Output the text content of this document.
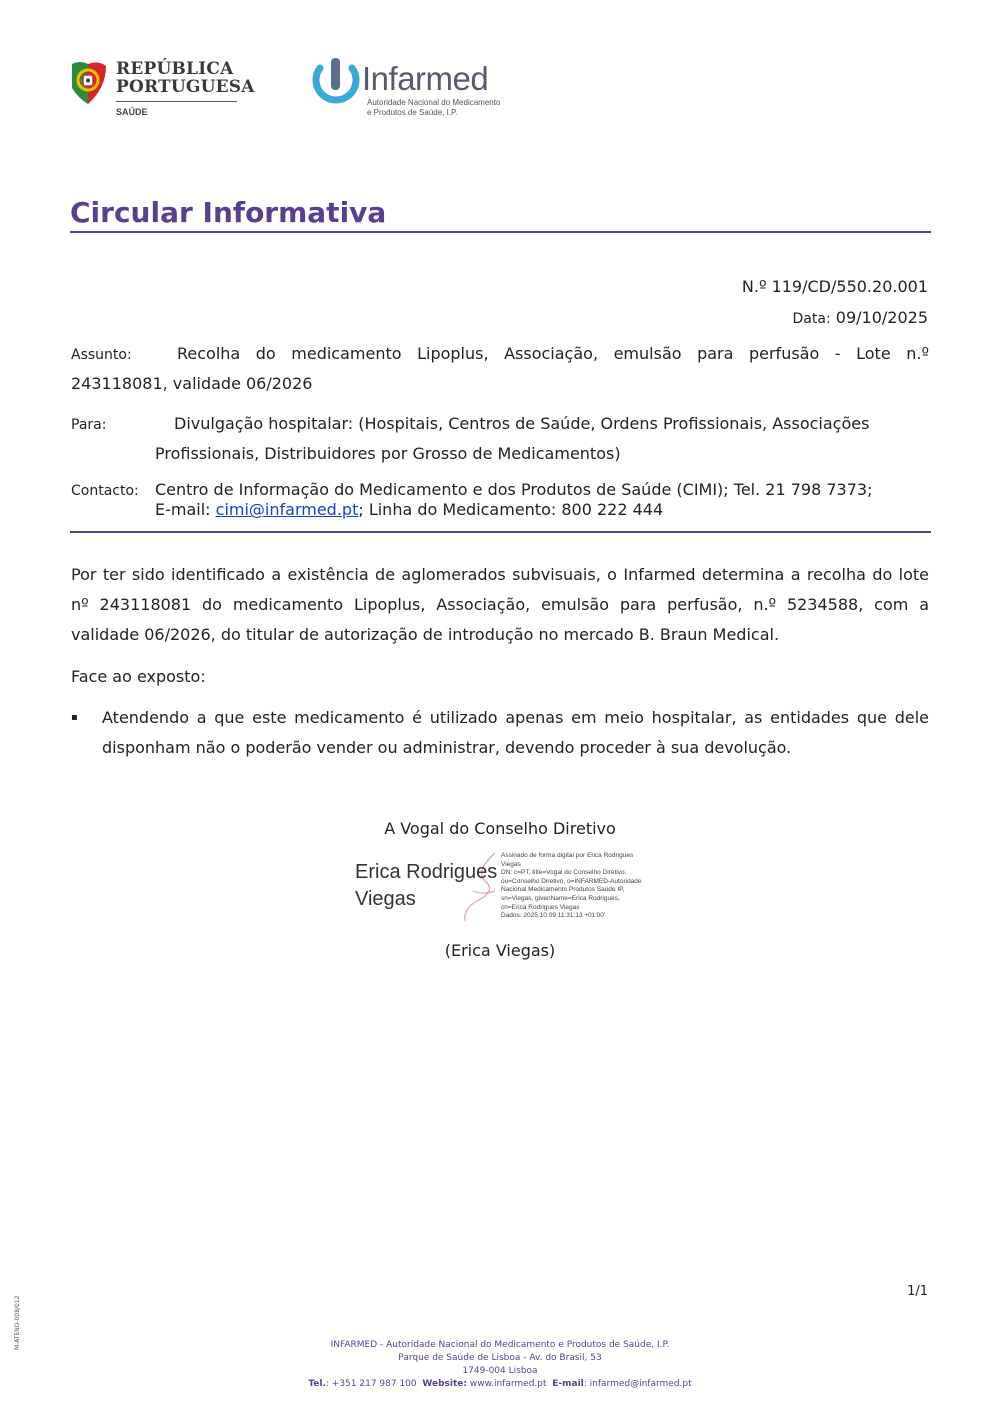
REPÚBLICA
PORTUGUESA
SAÚDE
Infarmed
Autoridade Nacional do Medicamento
e Produtos de Saúde, I.P.
Circular Informativa
N.º 119/CD/550.20.001
Data: 09/10/2025
Assunto:	Recolha do medicamento Lipoplus, Associação, emulsão para perfusão - Lote n.º
243118081, validade 06/2026
Para:	Divulgação hospitalar: (Hospitais, Centros de Saúde, Ordens Profissionais, Associações
Profissionais, Distribuidores por Grosso de Medicamentos)
Contacto:	Centro de Informação do Medicamento e dos Produtos de Saúde (CIMI); Tel. 21 798 7373;
E-mail: cimi@infarmed.pt; Linha do Medicamento: 800 222 444
Por ter sido identificado a existência de aglomerados subvisuais, o Infarmed determina a recolha do lote nº 243118081 do medicamento Lipoplus, Associação, emulsão para perfusão, n.º 5234588, com a validade 06/2026, do titular de autorização de introdução no mercado B. Braun Medical.
Face ao exposto:
▪	Atendendo a que este medicamento é utilizado apenas em meio hospitalar, as entidades que dele disponham não o poderão vender ou administrar, devendo proceder à sua devolução.
A Vogal do Conselho Diretivo
Erica Rodrigues
Viegas
Assinado de forma digital por Erica Rodrigues
Viegas
DN: c=PT, title=Vogal do Conselho Diretivo,
ou=Conselho Diretivo, o=INFARMED-Autoridade
Nacional Medicamento Produtos Saúde IP,
sn=Viegas, givenName=Erica Rodrigues,
cn=Erica Rodrigues Viegas
Dados: 2025.10.09 11:31:13 +01'00'
(Erica Viegas)
1/1
M-ATEND-008/012	INFARMED - Autoridade Nacional do Medicamento e Produtos de Saúde, I.P.
Parque de Saúde de Lisboa - Av. do Brasil, 53
1749-004 Lisboa
Tel.: +351 217 987 100 Website: www.infarmed.pt E-mail: infarmed@infarmed.pt
